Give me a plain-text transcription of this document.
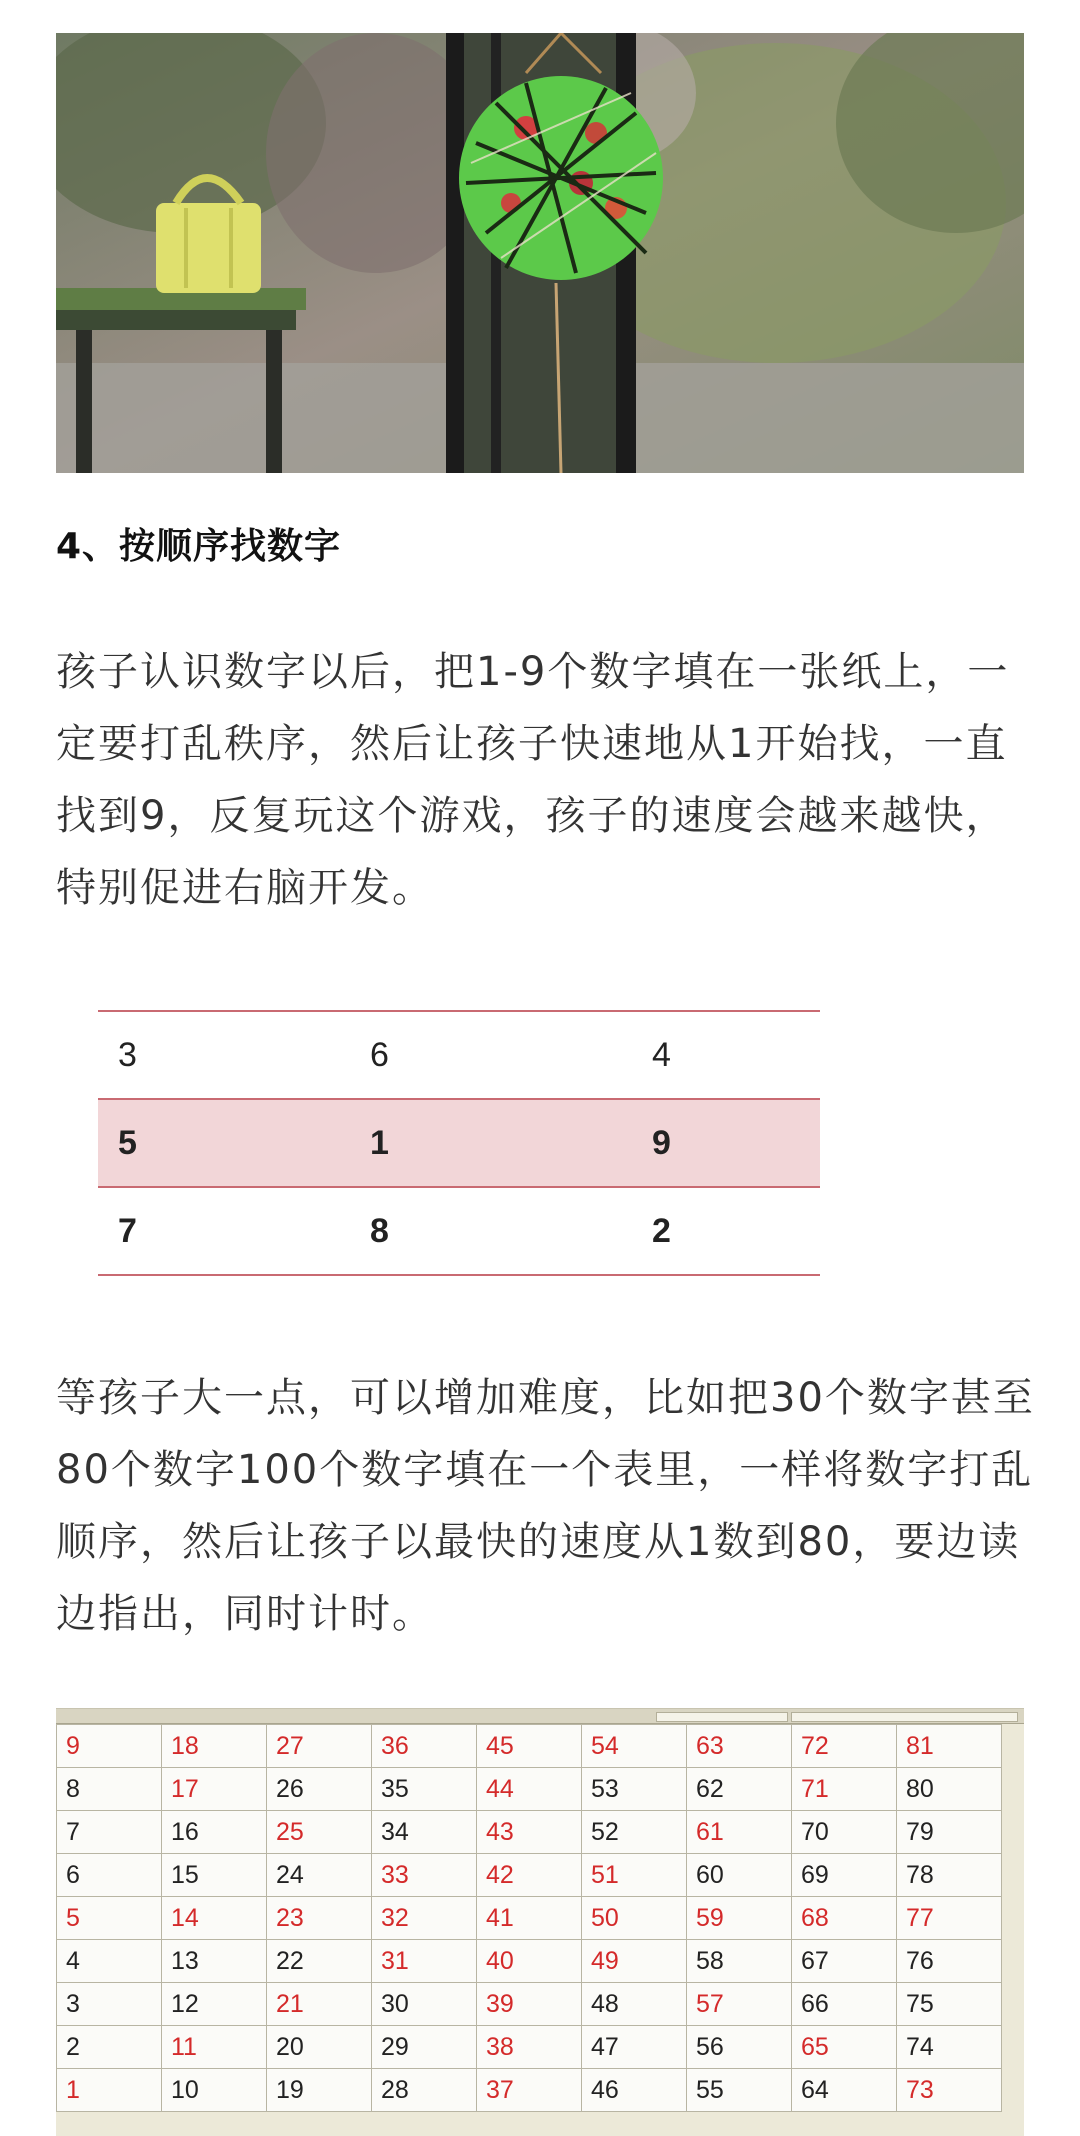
4、按顺序找数字

孩子认识数字以后，把1-9个数字填在一张纸上，一定要打乱秩序，然后让孩子快速地从1开始找，一直找到9，反复玩这个游戏，孩子的速度会越来越快，特别促进右脑开发。

3	6	4
5	1	9
7	8	2

等孩子大一点，可以增加难度，比如把30个数字甚至80个数字100个数字填在一个表里，一样将数字打乱顺序，然后让孩子以最快的速度从1数到80，要边读边指出，同时计时。

9	18	27	36	45	54	63	72	81
8	17	26	35	44	53	62	71	80
7	16	25	34	43	52	61	70	79
6	15	24	33	42	51	60	69	78
5	14	23	32	41	50	59	68	77
4	13	22	31	40	49	58	67	76
3	12	21	30	39	48	57	66	75
2	11	20	29	38	47	56	65	74
1	10	19	28	37	46	55	64	73
